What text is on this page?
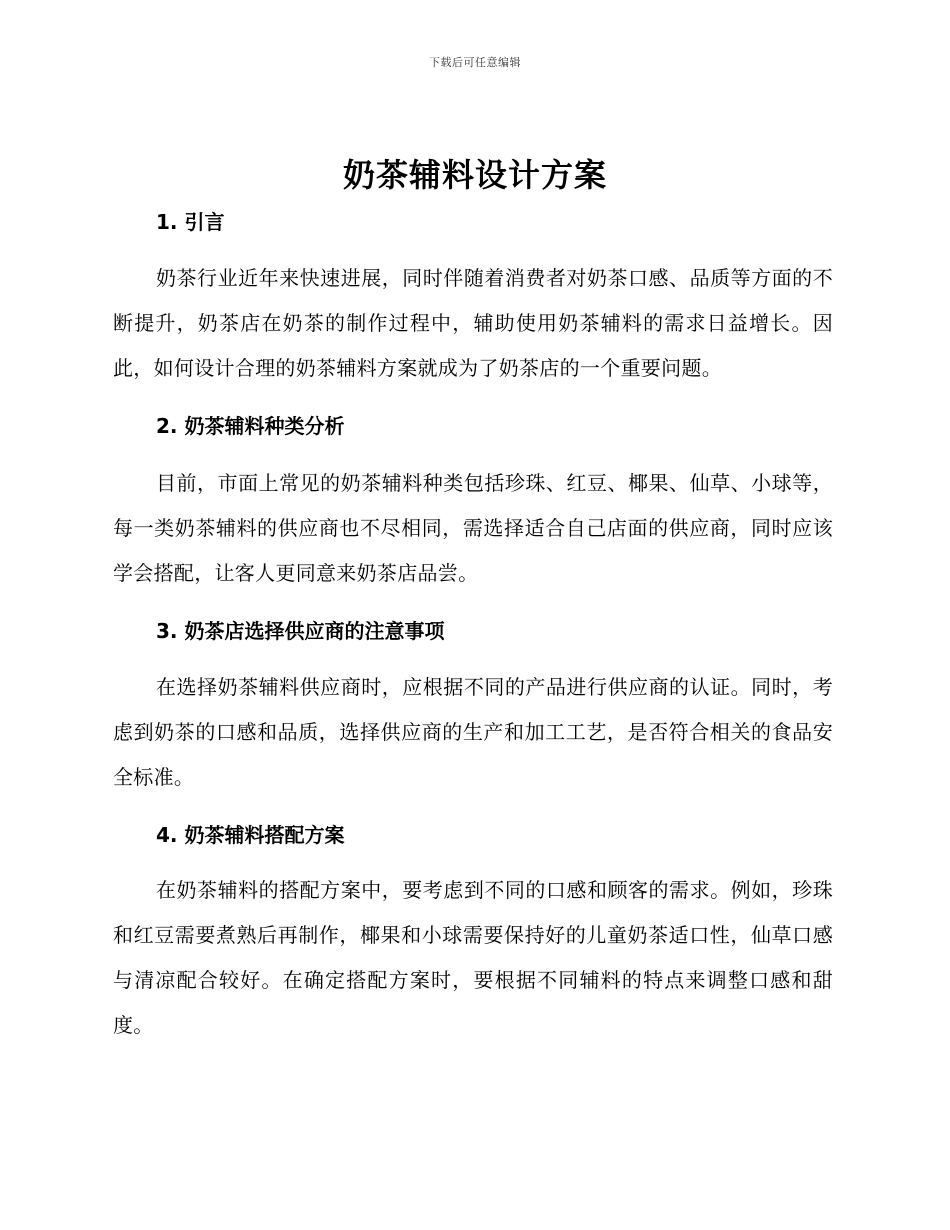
下载后可任意编辑
奶茶辅料设计方案
1. 引言

奶茶行业近年来快速进展，同时伴随着消费者对奶茶口感、品质等方面的不断提升，奶茶店在奶茶的制作过程中，辅助使用奶茶辅料的需求日益增长。因此，如何设计合理的奶茶辅料方案就成为了奶茶店的一个重要问题。

2. 奶茶辅料种类分析

目前，市面上常见的奶茶辅料种类包括珍珠、红豆、椰果、仙草、小球等，每一类奶茶辅料的供应商也不尽相同，需选择适合自己店面的供应商，同时应该学会搭配，让客人更同意来奶茶店品尝。

3. 奶茶店选择供应商的注意事项

在选择奶茶辅料供应商时，应根据不同的产品进行供应商的认证。同时，考虑到奶茶的口感和品质，选择供应商的生产和加工工艺，是否符合相关的食品安全标准。

4. 奶茶辅料搭配方案

在奶茶辅料的搭配方案中，要考虑到不同的口感和顾客的需求。例如，珍珠和红豆需要煮熟后再制作，椰果和小球需要保持好的儿童奶茶适口性，仙草口感与清凉配合较好。在确定搭配方案时，要根据不同辅料的特点来调整口感和甜度。
